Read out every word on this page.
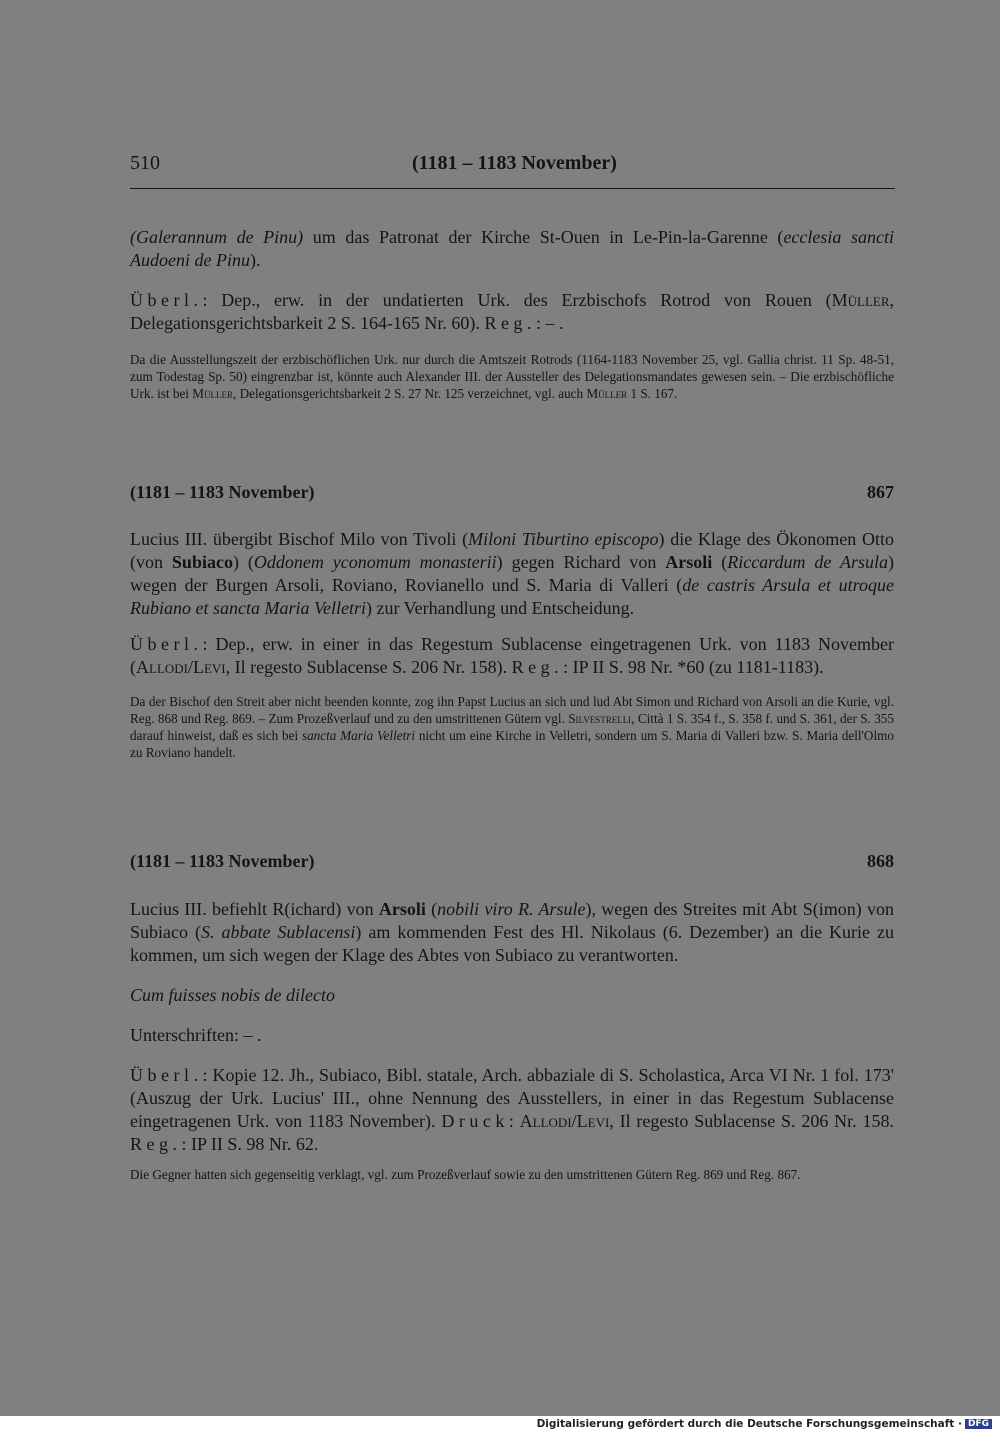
510	(1181 – 1183 November)

(Galerannum de Pinu) um das Patronat der Kirche St-Ouen in Le-Pin-la-Garenne (ecclesia sancti Audoeni de Pinu).

Überl.: Dep., erw. in der undatierten Urk. des Erzbischofs Rotrod von Rouen (Müller, Delegationsgerichtsbarkeit 2 S. 164-165 Nr. 60). Reg.: – .

Da die Ausstellungszeit der erzbischöflichen Urk. nur durch die Amtszeit Rotrods (1164-1183 November 25, vgl. Gallia christ. 11 Sp. 48-51, zum Todestag Sp. 50) eingrenzbar ist, könnte auch Alexander III. der Aussteller des Delegationsmandates gewesen sein. – Die erzbischöfliche Urk. ist bei Müller, Delegationsgerichtsbarkeit 2 S. 27 Nr. 125 verzeichnet, vgl. auch Müller 1 S. 167.

(1181 – 1183 November)	867

Lucius III. übergibt Bischof Milo von Tivoli (Miloni Tiburtino episcopo) die Klage des Ökonomen Otto (von Subiaco) (Oddonem yconomum monasterii) gegen Richard von Arsoli (Riccardum de Arsula) wegen der Burgen Arsoli, Roviano, Rovianello und S. Maria di Valleri (de castris Arsula et utroque Rubiano et sancta Maria Velletri) zur Verhandlung und Entscheidung.

Überl.: Dep., erw. in einer in das Regestum Sublacense eingetragenen Urk. von 1183 November (Allodi/Levi, Il regesto Sublacense S. 206 Nr. 158). Reg.: IP II S. 98 Nr. *60 (zu 1181-1183).

Da der Bischof den Streit aber nicht beenden konnte, zog ihn Papst Lucius an sich und lud Abt Simon und Richard von Arsoli an die Kurie, vgl. Reg. 868 und Reg. 869. – Zum Prozeßverlauf und zu den umstrittenen Gütern vgl. Silvestrelli, Città 1 S. 354 f., S. 358 f. und S. 361, der S. 355 darauf hinweist, daß es sich bei sancta Maria Velletri nicht um eine Kirche in Velletri, sondern um S. Maria di Valleri bzw. S. Maria dell'Olmo zu Roviano handelt.

(1181 – 1183 November)	868

Lucius III. befiehlt R(ichard) von Arsoli (nobili viro R. Arsule), wegen des Streites mit Abt S(imon) von Subiaco (S. abbate Sublacensi) am kommenden Fest des Hl. Nikolaus (6. Dezember) an die Kurie zu kommen, um sich wegen der Klage des Abtes von Subiaco zu verantworten.

Cum fuisses nobis de dilecto

Unterschriften: – .

Überl.: Kopie 12. Jh., Subiaco, Bibl. statale, Arch. abbaziale di S. Scholastica, Arca VI Nr. 1 fol. 173' (Auszug der Urk. Lucius' III., ohne Nennung des Ausstellers, in einer in das Regestum Sublacense eingetragenen Urk. von 1183 November). Druck: Allodi/Levi, Il regesto Sublacense S. 206 Nr. 158. Reg.: IP II S. 98 Nr. 62.

Die Gegner hatten sich gegenseitig verklagt, vgl. zum Prozeßverlauf sowie zu den umstrittenen Gütern Reg. 869 und Reg. 867.

Digitalisierung gefördert durch die Deutsche Forschungsgemeinschaft · DFG
